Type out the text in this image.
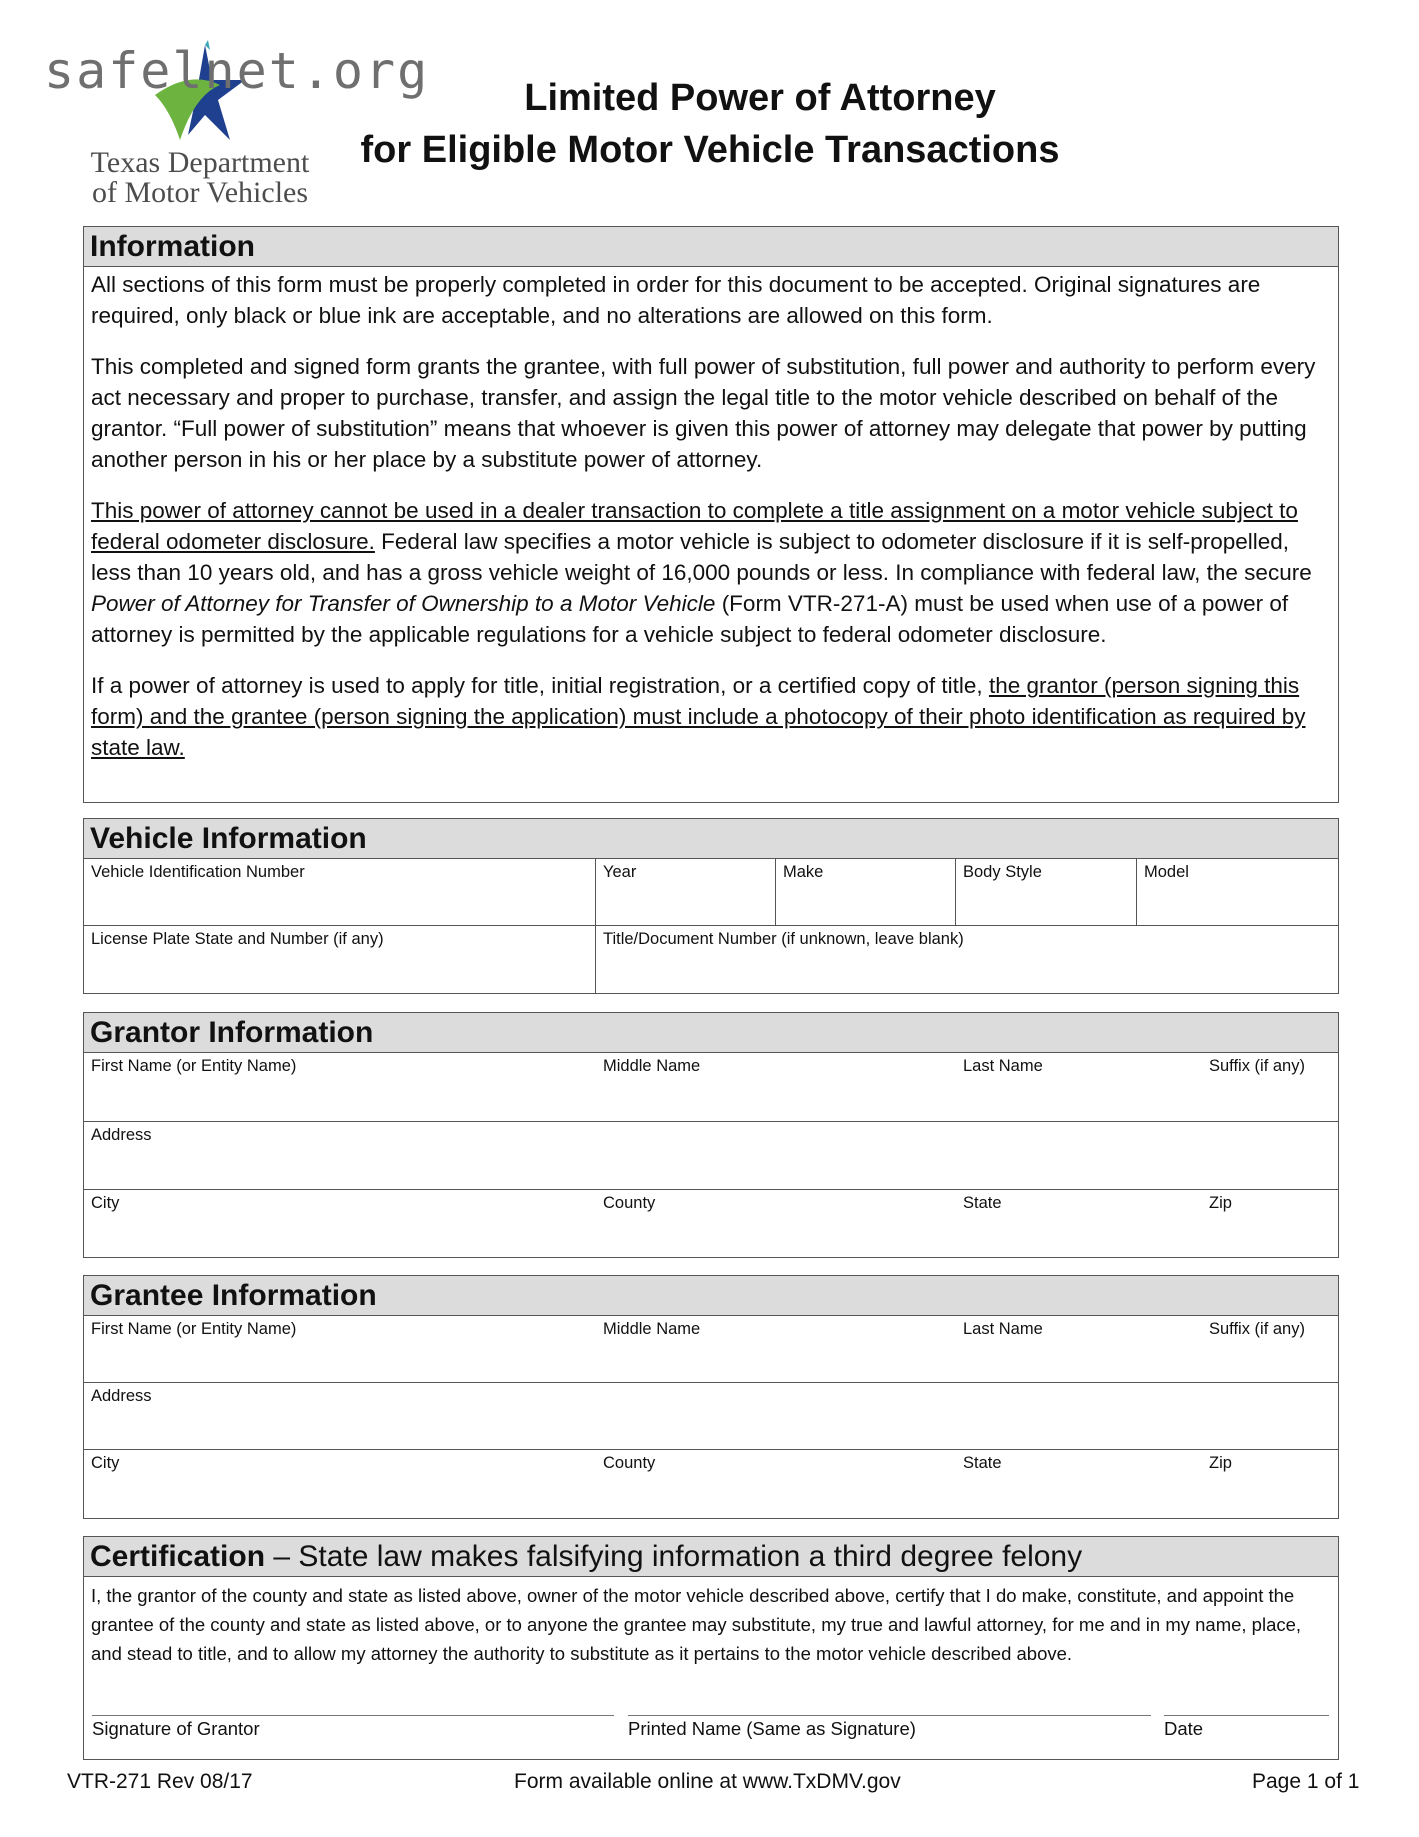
safelnet.org
Texas Department
of Motor Vehicles
Limited Power of Attorney
for Eligible Motor Vehicle Transactions
Information

All sections of this form must be properly completed in order for this document to be accepted. Original signatures are required, only black or blue ink are acceptable, and no alterations are allowed on this form.

This completed and signed form grants the grantee, with full power of substitution, full power and authority to perform every act necessary and proper to purchase, transfer, and assign the legal title to the motor vehicle described on behalf of the grantor. “Full power of substitution” means that whoever is given this power of attorney may delegate that power by putting another person in his or her place by a substitute power of attorney.

This power of attorney cannot be used in a dealer transaction to complete a title assignment on a motor vehicle subject to federal odometer disclosure. Federal law specifies a motor vehicle is subject to odometer disclosure if it is self-propelled, less than 10 years old, and has a gross vehicle weight of 16,000 pounds or less. In compliance with federal law, the secure Power of Attorney for Transfer of Ownership to a Motor Vehicle (Form VTR-271-A) must be used when use of a power of attorney is permitted by the applicable regulations for a vehicle subject to federal odometer disclosure.

If a power of attorney is used to apply for title, initial registration, or a certified copy of title, the grantor (person signing this form) and the grantee (person signing the application) must include a photocopy of their photo identification as required by state law.

Vehicle Information
Vehicle Identification Number	Year	Make	Body Style	Model
License Plate State and Number (if any)	Title/Document Number (if unknown, leave blank)
Grantor Information
First Name (or Entity Name)	Middle Name	Last Name	Suffix (if any)
Address
City	County	State	Zip
Grantee Information
First Name (or Entity Name)	Middle Name	Last Name	Suffix (if any)
Address
City	County	State	Zip
Certification – State law makes falsifying information a third degree felony
I, the grantor of the county and state as listed above, owner of the motor vehicle described above, certify that I do make, constitute, and appoint the grantee of the county and state as listed above, or to anyone the grantee may substitute, my true and lawful attorney, for me and in my name, place, and stead to title, and to allow my attorney the authority to substitute as it pertains to the motor vehicle described above.
Signature of Grantor	Printed Name (Same as Signature)	Date
VTR-271 Rev 08/17	Form available online at www.TxDMV.gov	Page 1 of 1
